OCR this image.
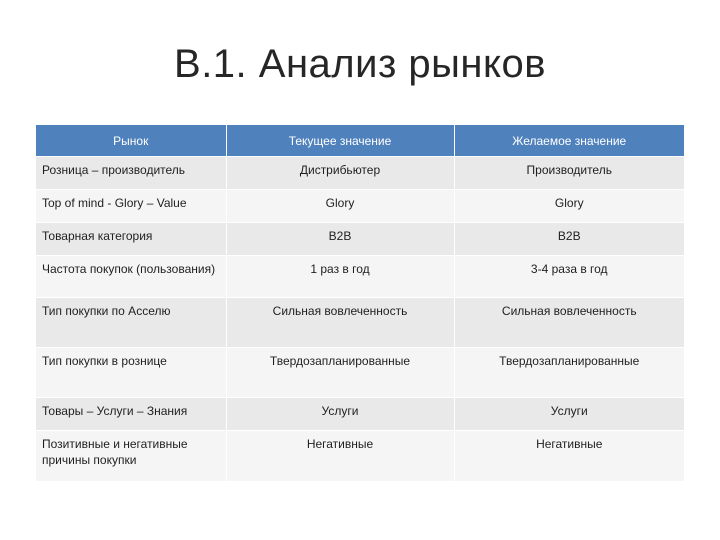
B.1. Анализ рынков
Рынок	Текущее значение	Желаемое значение
Розница – производитель	Дистрибьютер	Производитель
Top of mind - Glory – Value	Glory	Glory
Товарная категория	B2B	B2B
Частота покупок (пользования)	1 раз в год	3-4 раза в год
Тип покупки по Асселю	Сильная вовлеченность	Сильная вовлеченность
Тип покупки в рознице	Твердозапланированные	Твердозапланированные
Товары – Услуги – Знания	Услуги	Услуги
Позитивные и негативные причины покупки	Негативные	Негативные
